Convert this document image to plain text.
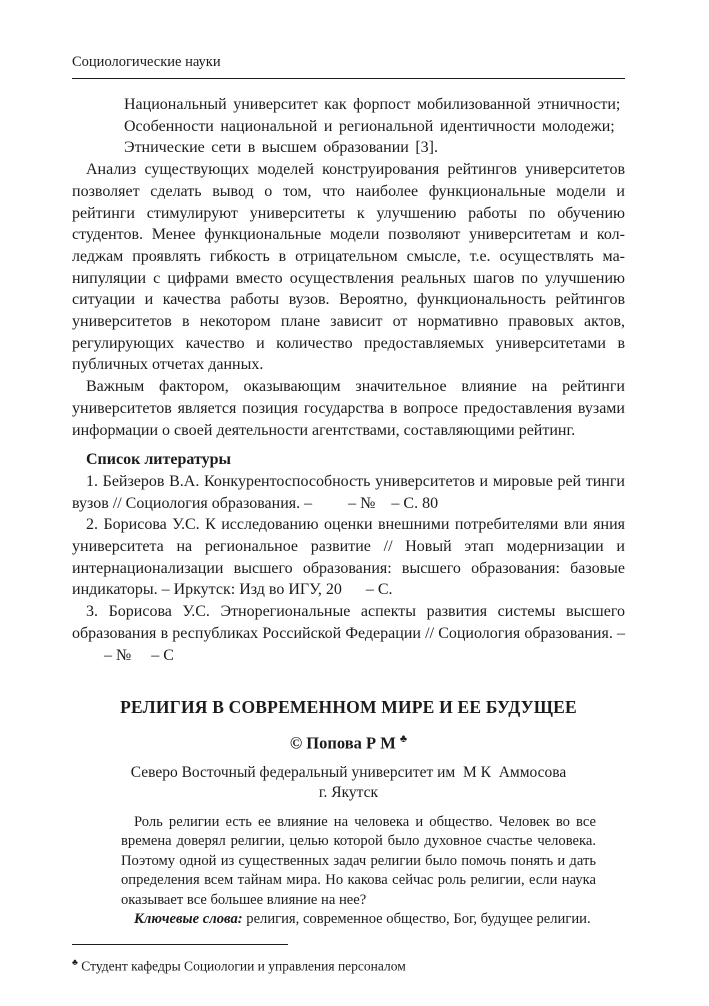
Социологические науки

Национальный университет как форпост мобилизованной этничности;

Особенности национальной и региональной идентичности молодежи;

Этнические сети в высшем образовании [3].

Анализ существующих моделей конструирования рейтингов университетов позволяет сделать вывод о том, что наиболее функциональные модели и рейтинги стимулируют университеты к улучшению работы по обучению студентов. Менее функциональные модели позволяют университетам и колледжам проявлять гибкость в отрицательном смысле, т.е. осуществлять манипуляции с цифрами вместо осуществления реальных шагов по улучшению ситуации и качества работы вузов. Вероятно, функциональность рейтингов университетов в некотором плане зависит от нормативно правовых актов, регулирующих качество и количество предоставляемых университетами в публичных отчетах данных.

Важным фактором, оказывающим значительное влияние на рейтинги университетов является позиция государства в вопросе предоставления вузами информации о своей деятельности агентствами, составляющими рейтинг.

Список литературы

1. Бейзеров В.А. Конкурентоспособность университетов и мировые рей тинги вузов // Социология образования. –         – №    – С. 80

2. Борисова У.С. К исследованию оценки внешними потребителями вли яния университета на региональное развитие // Новый этап модернизации и интернационализации высшего образования: высшего образования: базовые индикаторы. – Иркутск: Изд во ИГУ, 20      – С.

3. Борисова У.С. Этнорегиональные аспекты развития системы высшего образования в республиках Российской Федерации // Социология образования. –        – №     – С

РЕЛИГИЯ В СОВРЕМЕННОМ МИРЕ И ЕЕ БУДУЩЕЕ
© Попова Р М ♣
Северо Восточный федеральный университет им  М К  Аммосова
г. Якутск

Роль религии есть ее влияние на человека и общество. Человек во все времена доверял религии, целью которой было духовное счастье человека. Поэтому одной из существенных задач религии было помочь понять и дать определения всем тайнам мира. Но какова сейчас роль религии, если наука оказывает все большее влияние на нее?

Ключевые слова: религия, современное общество, Бог, будущее религии.

♣ Студент кафедры Социологии и управления персоналом
